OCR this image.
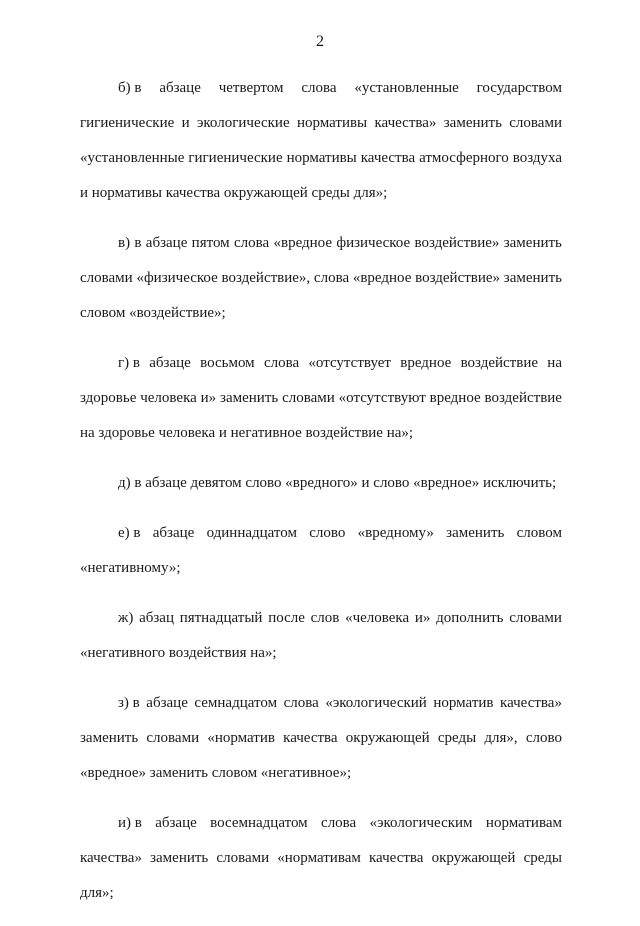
2
б) в абзаце четвертом слова «установленные государством
гигиенические и экологические нормативы качества» заменить словами
«установленные гигиенические нормативы качества атмосферного воздуха
и нормативы качества окружающей среды для»;
в) в абзаце пятом слова «вредное физическое воздействие» заменить
словами «физическое воздействие», слова «вредное воздействие» заменить
словом «воздействие»;
г) в абзаце восьмом слова «отсутствует вредное воздействие на
здоровье человека и» заменить словами «отсутствуют вредное воздействие
на здоровье человека и негативное воздействие на»;
д) в абзаце девятом слово «вредного» и слово «вредное» исключить;
е) в абзаце одиннадцатом слово «вредному» заменить словом
«негативному»;
ж) абзац пятнадцатый после слов «человека и» дополнить словами
«негативного воздействия на»;
з) в абзаце семнадцатом слова «экологический норматив качества»
заменить словами «норматив качества окружающей среды для», слово
«вредное» заменить словом «негативное»;
и) в абзаце восемнадцатом слова «экологическим нормативам
качества» заменить словами «нормативам качества окружающей среды
для»;
